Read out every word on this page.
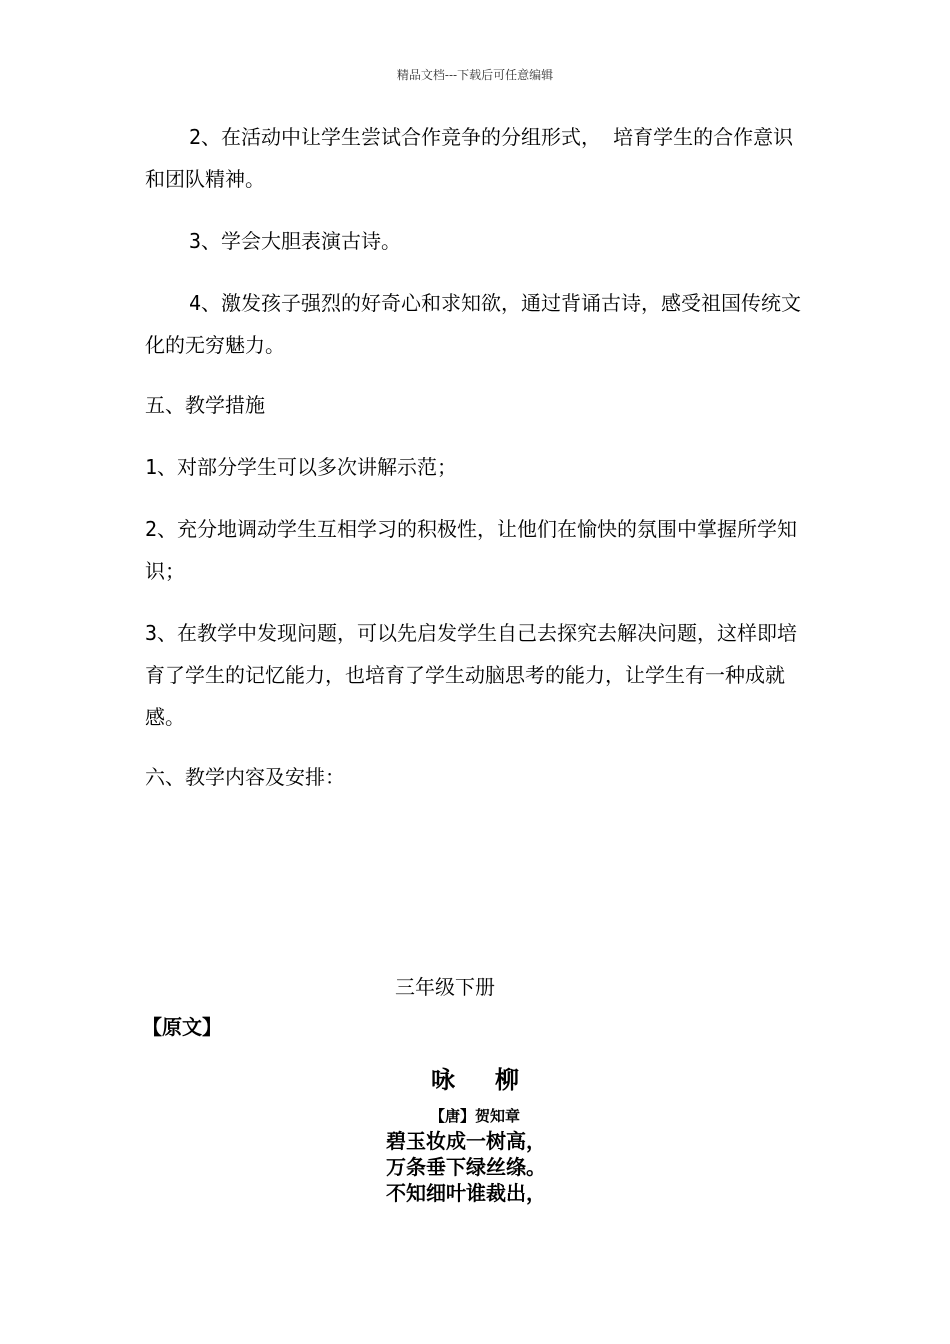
精品文档---下载后可任意编辑

2、在活动中让学生尝试合作竞争的分组形式， 培育学生的合作意识和团队精神。

3、学会大胆表演古诗。

4、激发孩子强烈的好奇心和求知欲，通过背诵古诗，感受祖国传统文化的无穷魅力。

五、教学措施

1、对部分学生可以多次讲解示范；

2、充分地调动学生互相学习的积极性，让他们在愉快的氛围中掌握所学知识；

3、在教学中发现问题，可以先启发学生自己去探究去解决问题，这样即培育了学生的记忆能力，也培育了学生动脑思考的能力，让学生有一种成就感。

六、教学内容及安排：

三年级下册
【原文】
咏 柳
【唐】贺知章
碧玉妆成一树高，
万条垂下绿丝绦。
不知细叶谁裁出，
